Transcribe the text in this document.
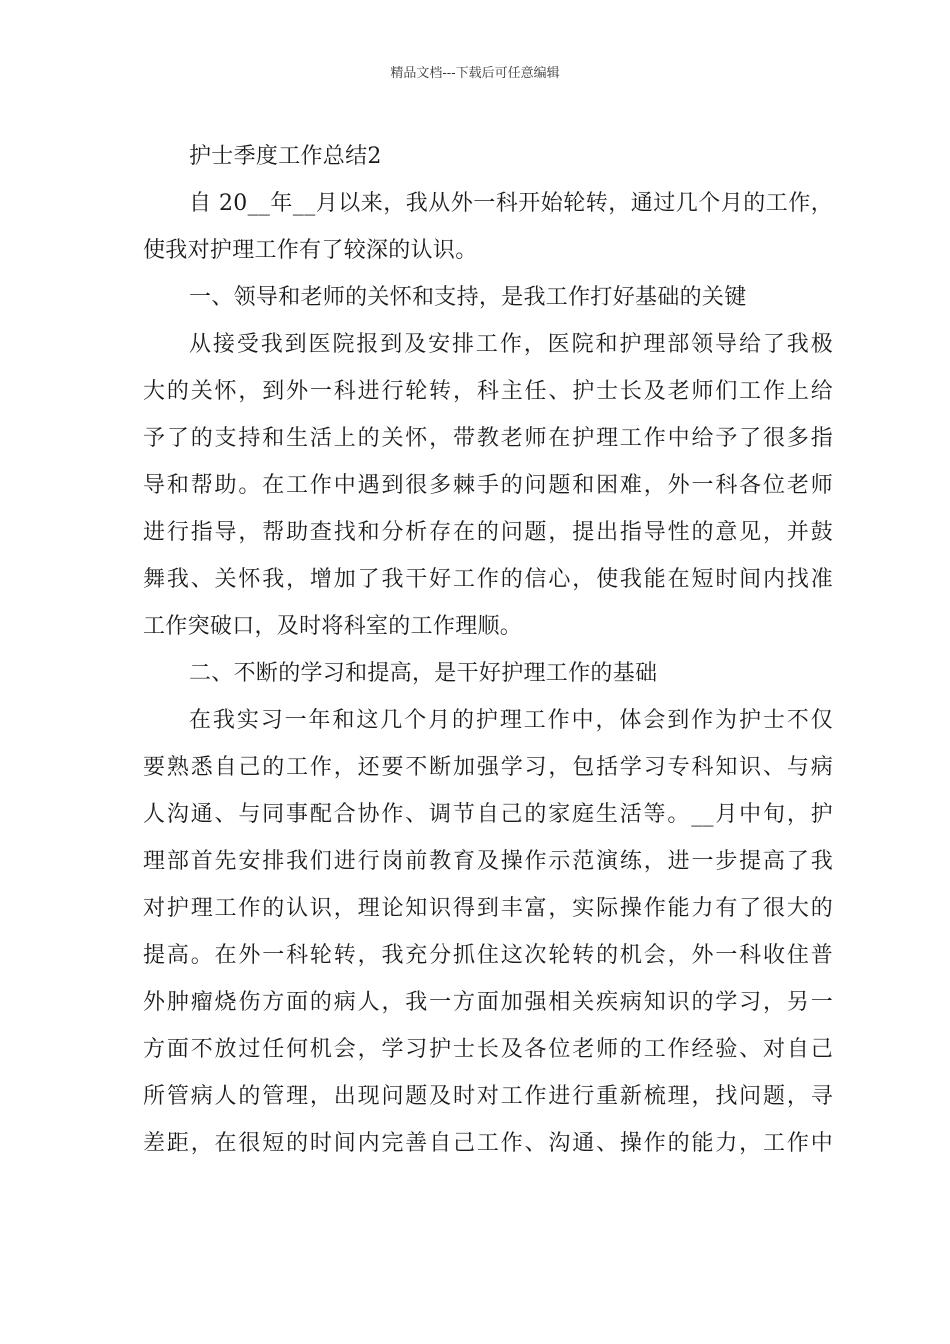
精品文档---下载后可任意编辑
护士季度工作总结2
自 20__年__月以来，我从外一科开始轮转，通过几个月的工作，
使我对护理工作有了较深的认识。
一、领导和老师的关怀和支持，是我工作打好基础的关键
从接受我到医院报到及安排工作，医院和护理部领导给了我极
大的关怀，到外一科进行轮转，科主任、护士长及老师们工作上给
予了的支持和生活上的关怀，带教老师在护理工作中给予了很多指
导和帮助。在工作中遇到很多棘手的问题和困难，外一科各位老师
进行指导，帮助查找和分析存在的问题，提出指导性的意见，并鼓
舞我、关怀我，增加了我干好工作的信心，使我能在短时间内找准
工作突破口，及时将科室的工作理顺。
二、不断的学习和提高，是干好护理工作的基础
在我实习一年和这几个月的护理工作中，体会到作为护士不仅
要熟悉自己的工作，还要不断加强学习，包括学习专科知识、与病
人沟通、与同事配合协作、调节自己的家庭生活等。__月中旬，护
理部首先安排我们进行岗前教育及操作示范演练，进一步提高了我
对护理工作的认识，理论知识得到丰富，实际操作能力有了很大的
提高。在外一科轮转，我充分抓住这次轮转的机会，外一科收住普
外肿瘤烧伤方面的病人，我一方面加强相关疾病知识的学习，另一
方面不放过任何机会，学习护士长及各位老师的工作经验、对自己
所管病人的管理，出现问题及时对工作进行重新梳理，找问题，寻
差距，在很短的时间内完善自己工作、沟通、操作的能力，工作中
